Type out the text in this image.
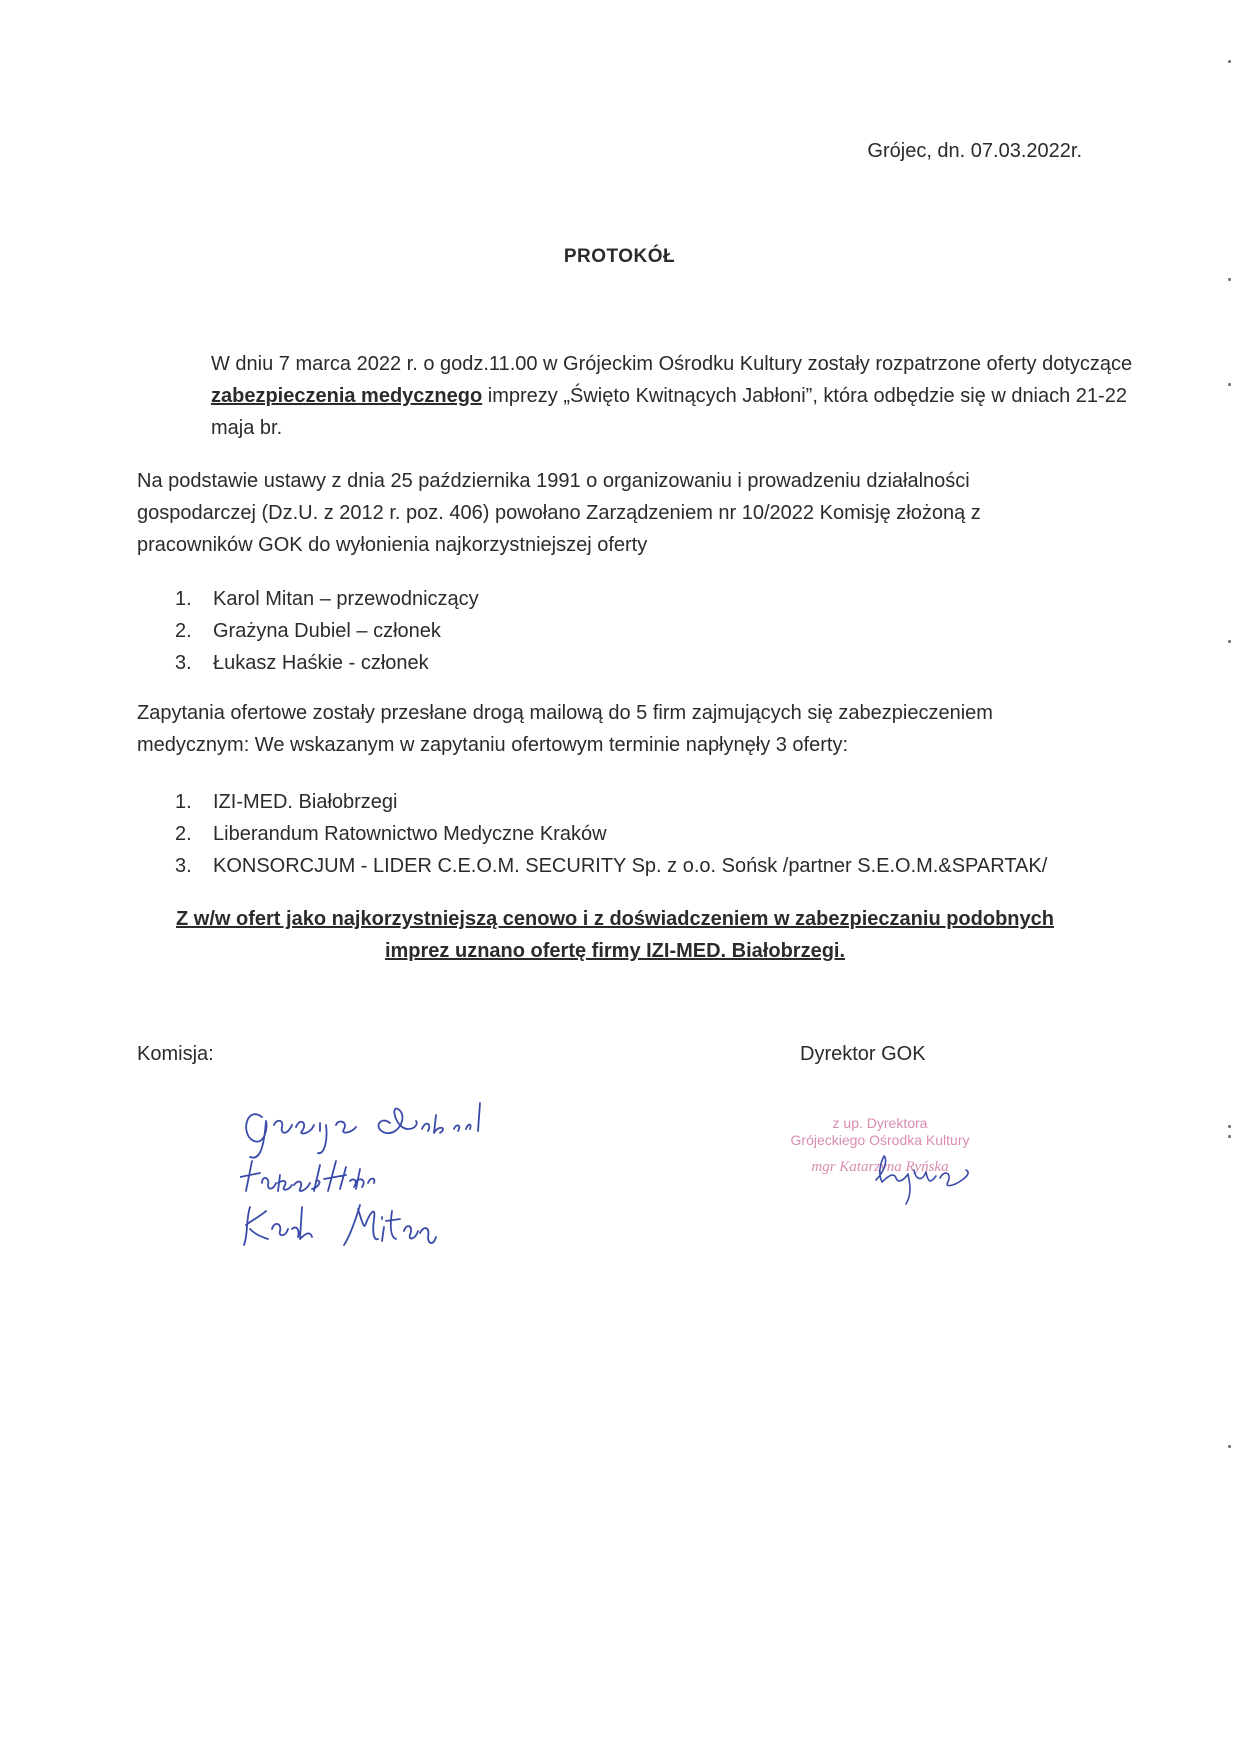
Grójec, dn. 07.03.2022r.
PROTOKÓŁ
W dniu 7 marca 2022 r. o godz.11.00 w Grójeckim Ośrodku Kultury zostały rozpatrzone oferty dotyczące zabezpieczenia medycznego imprezy „Święto Kwitnących Jabłoni”, która odbędzie się w dniach 21-22 maja br.
Na podstawie ustawy z dnia 25 października 1991 o organizowaniu i prowadzeniu działalności gospodarczej (Dz.U. z 2012 r. poz. 406) powołano Zarządzeniem nr 10/2022 Komisję złożoną z pracowników GOK do wyłonienia najkorzystniejszej oferty
1.	Karol Mitan – przewodniczący
2.	Grażyna Dubiel – członek
3.	Łukasz Haśkie - członek
Zapytania ofertowe zostały przesłane drogą mailową do 5 firm zajmujących się zabezpieczeniem medycznym: We wskazanym w zapytaniu ofertowym terminie napłynęły 3 oferty:
1.	IZI-MED. Białobrzegi
2.	Liberandum Ratownictwo Medyczne Kraków
3.	KONSORCJUM - LIDER C.E.O.M. SECURITY Sp. z o.o. Sońsk /partner S.E.O.M.&SPARTAK/
Z w/w ofert jako najkorzystniejszą cenowo i z doświadczeniem w zabezpieczaniu podobnych
imprez uznano ofertę firmy IZI-MED. Białobrzegi.
Komisja:	Dyrektor GOK
z up. Dyrektora
Grójeckiego Ośrodka Kultury
mgr Katarzyna Ryńska
